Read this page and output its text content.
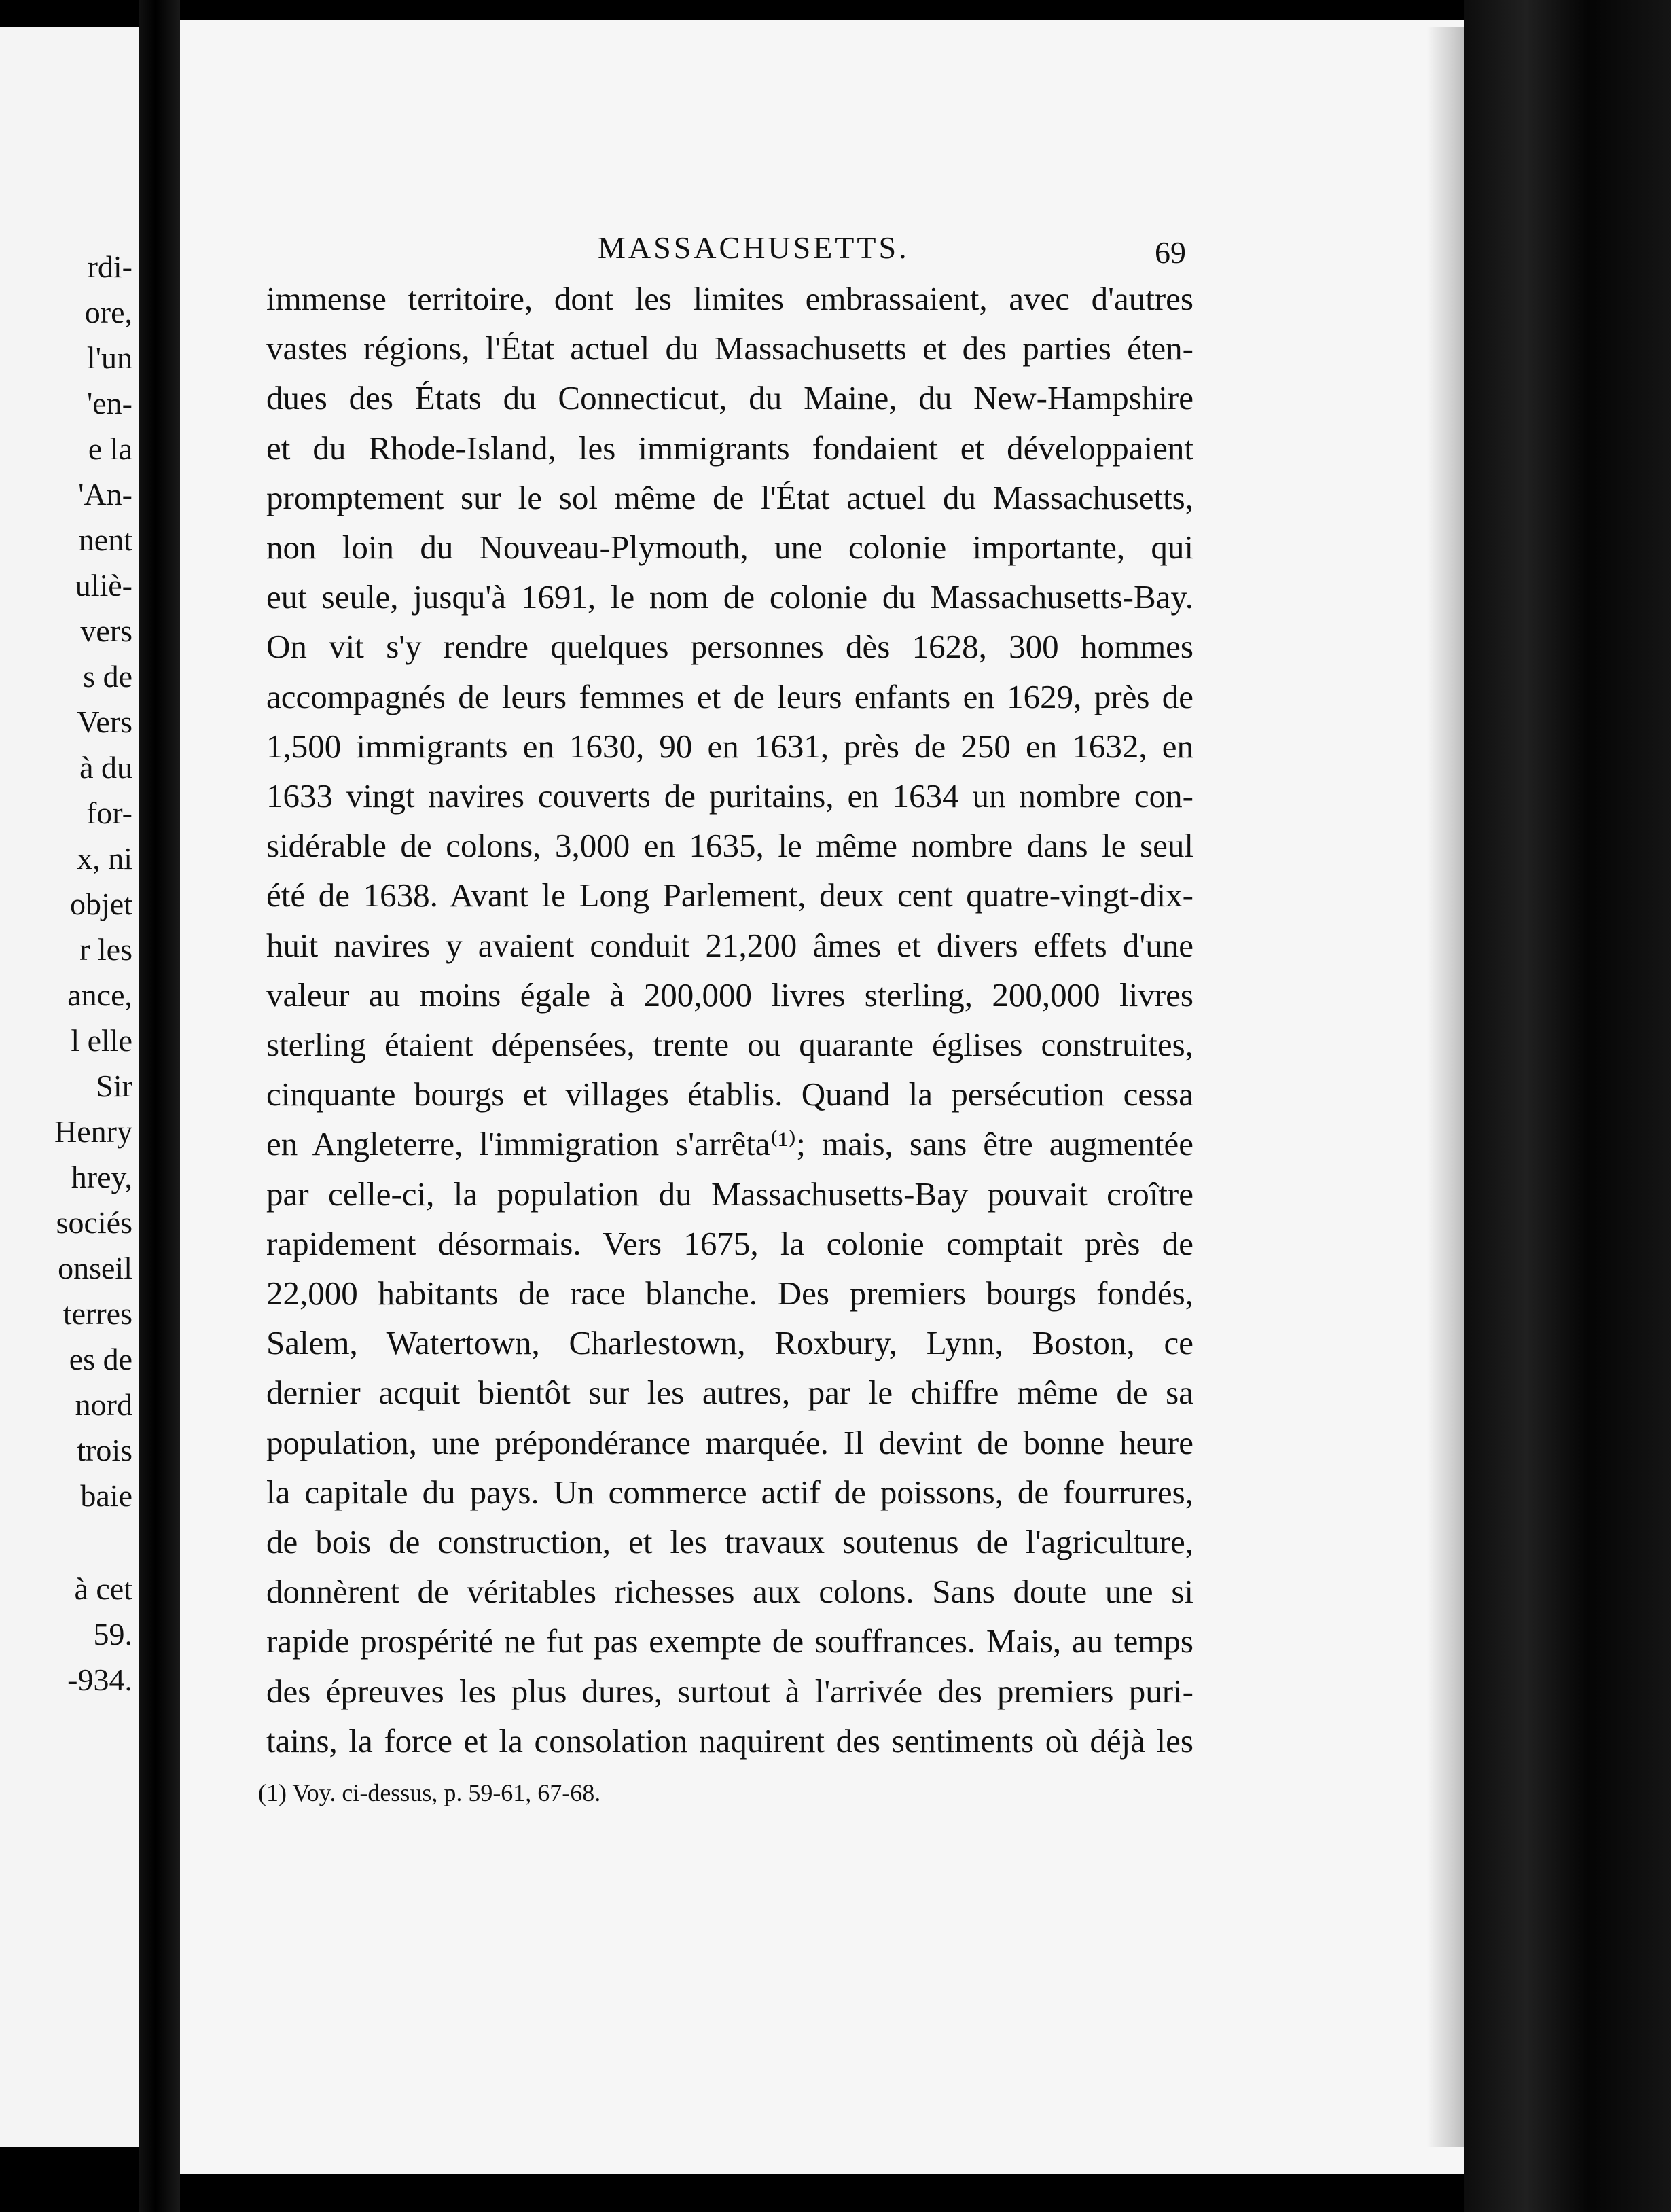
rdi-
ore,
l'un
'en-
e la
'An-
nent
uliè-
vers
s de
Vers
à du
for-
x, ni
objet
r les
ance,
l elle
Sir
Henry
hrey,
sociés
onseil
terres
es de
nord
trois
baie
à cet
59.
-934.
MASSACHUSETTS.	69
immense territoire, dont les limites embrassaient, avec d'autres
vastes régions, l'État actuel du Massachusetts et des parties éten-
dues des États du Connecticut, du Maine, du New-Hampshire
et du Rhode-Island, les immigrants fondaient et développaient
promptement sur le sol même de l'État actuel du Massachusetts,
non loin du Nouveau-Plymouth, une colonie importante, qui
eut seule, jusqu'à 1691, le nom de colonie du Massachusetts-Bay.
On vit s'y rendre quelques personnes dès 1628, 300 hommes
accompagnés de leurs femmes et de leurs enfants en 1629, près de
1,500 immigrants en 1630, 90 en 1631, près de 250 en 1632, en
1633 vingt navires couverts de puritains, en 1634 un nombre con-
sidérable de colons, 3,000 en 1635, le même nombre dans le seul
été de 1638. Avant le Long Parlement, deux cent quatre-vingt-dix-
huit navires y avaient conduit 21,200 âmes et divers effets d'une
valeur au moins égale à 200,000 livres sterling, 200,000 livres
sterling étaient dépensées, trente ou quarante églises construites,
cinquante bourgs et villages établis. Quand la persécution cessa
en Angleterre, l'immigration s'arrêta⁽¹⁾; mais, sans être augmentée
par celle-ci, la population du Massachusetts-Bay pouvait croître
rapidement désormais. Vers 1675, la colonie comptait près de
22,000 habitants de race blanche. Des premiers bourgs fondés,
Salem, Watertown, Charlestown, Roxbury, Lynn, Boston, ce
dernier acquit bientôt sur les autres, par le chiffre même de sa
population, une prépondérance marquée. Il devint de bonne heure
la capitale du pays. Un commerce actif de poissons, de fourrures,
de bois de construction, et les travaux soutenus de l'agriculture,
donnèrent de véritables richesses aux colons. Sans doute une si
rapide prospérité ne fut pas exempte de souffrances. Mais, au temps
des épreuves les plus dures, surtout à l'arrivée des premiers puri-
tains, la force et la consolation naquirent des sentiments où déjà les
(1) Voy. ci-dessus, p. 59-61, 67-68.
